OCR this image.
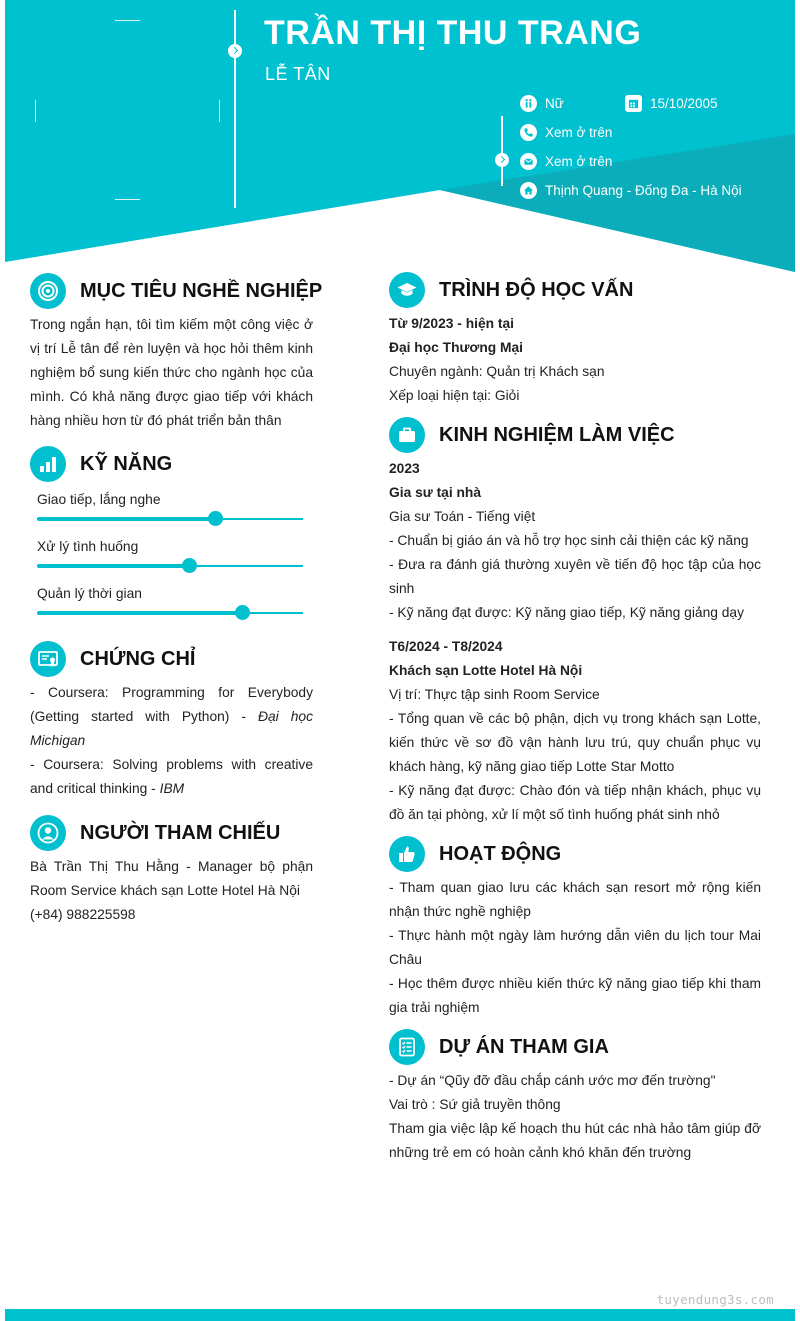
TRẦN THỊ THU TRANG
LỄ TÂN
Nữ	15/10/2005
Xem ở trên
Xem ở trên
Thịnh Quang - Đống Đa - Hà Nội
MỤC TIÊU NGHỀ NGHIỆP
Trong ngắn hạn, tôi tìm kiếm một công việc ở vị trí Lễ tân để rèn luyện và học hỏi thêm kinh nghiệm bổ sung kiến thức cho ngành học của mình. Có khả năng được giao tiếp với khách hàng nhiều hơn từ đó phát triển bản thân
KỸ NĂNG
Giao tiếp, lắng nghe
Xử lý tình huống
Quản lý thời gian
CHỨNG CHỈ

- Coursera: Programming for Everybody (Getting started with Python) - Đại học Michigan

- Coursera: Solving problems with creative and critical thinking - IBM

NGƯỜI THAM CHIẾU

Bà Trần Thị Thu Hằng - Manager bộ phận Room Service khách sạn Lotte Hotel Hà Nội

(+84) 988225598

TRÌNH ĐỘ HỌC VẤN

Từ 9/2023 - hiện tại

Đại học Thương Mại

Chuyên ngành: Quản trị Khách sạn

Xếp loại hiện tại: Giỏi

KINH NGHIỆM LÀM VIỆC

2023

Gia sư tại nhà

Gia sư Toán - Tiếng việt

- Chuẩn bị giáo án và hỗ trợ học sinh cải thiện các kỹ năng

- Đưa ra đánh giá thường xuyên về tiến độ học tập của học sinh

- Kỹ năng đạt được: Kỹ năng giao tiếp, Kỹ năng giảng dạy

T6/2024 - T8/2024

Khách sạn Lotte Hotel Hà Nội

Vị trí: Thực tập sinh Room Service

- Tổng quan về các bộ phận, dịch vụ trong khách sạn Lotte, kiến thức về sơ đồ vận hành lưu trú, quy chuẩn phục vụ khách hàng, kỹ năng giao tiếp Lotte Star Motto

- Kỹ năng đạt được: Chào đón và tiếp nhận khách, phục vụ đồ ăn tại phòng, xử lí một số tình huống phát sinh nhỏ

HOẠT ĐỘNG

- Tham quan giao lưu các khách sạn resort mở rộng kiến nhận thức nghề nghiệp

- Thực hành một ngày làm hướng dẫn viên du lịch tour Mai Châu

- Học thêm được nhiều kiến thức kỹ năng giao tiếp khi tham gia trải nghiệm

DỰ ÁN THAM GIA

- Dự án “Qũy đỡ đầu chắp cánh ước mơ đến trường"

Vai trò : Sứ giả truyền thông

Tham gia việc lập kế hoạch thu hút các nhà hảo tâm giúp đỡ những trẻ em có hoàn cảnh khó khăn đến trường

tuyendung3s.com
